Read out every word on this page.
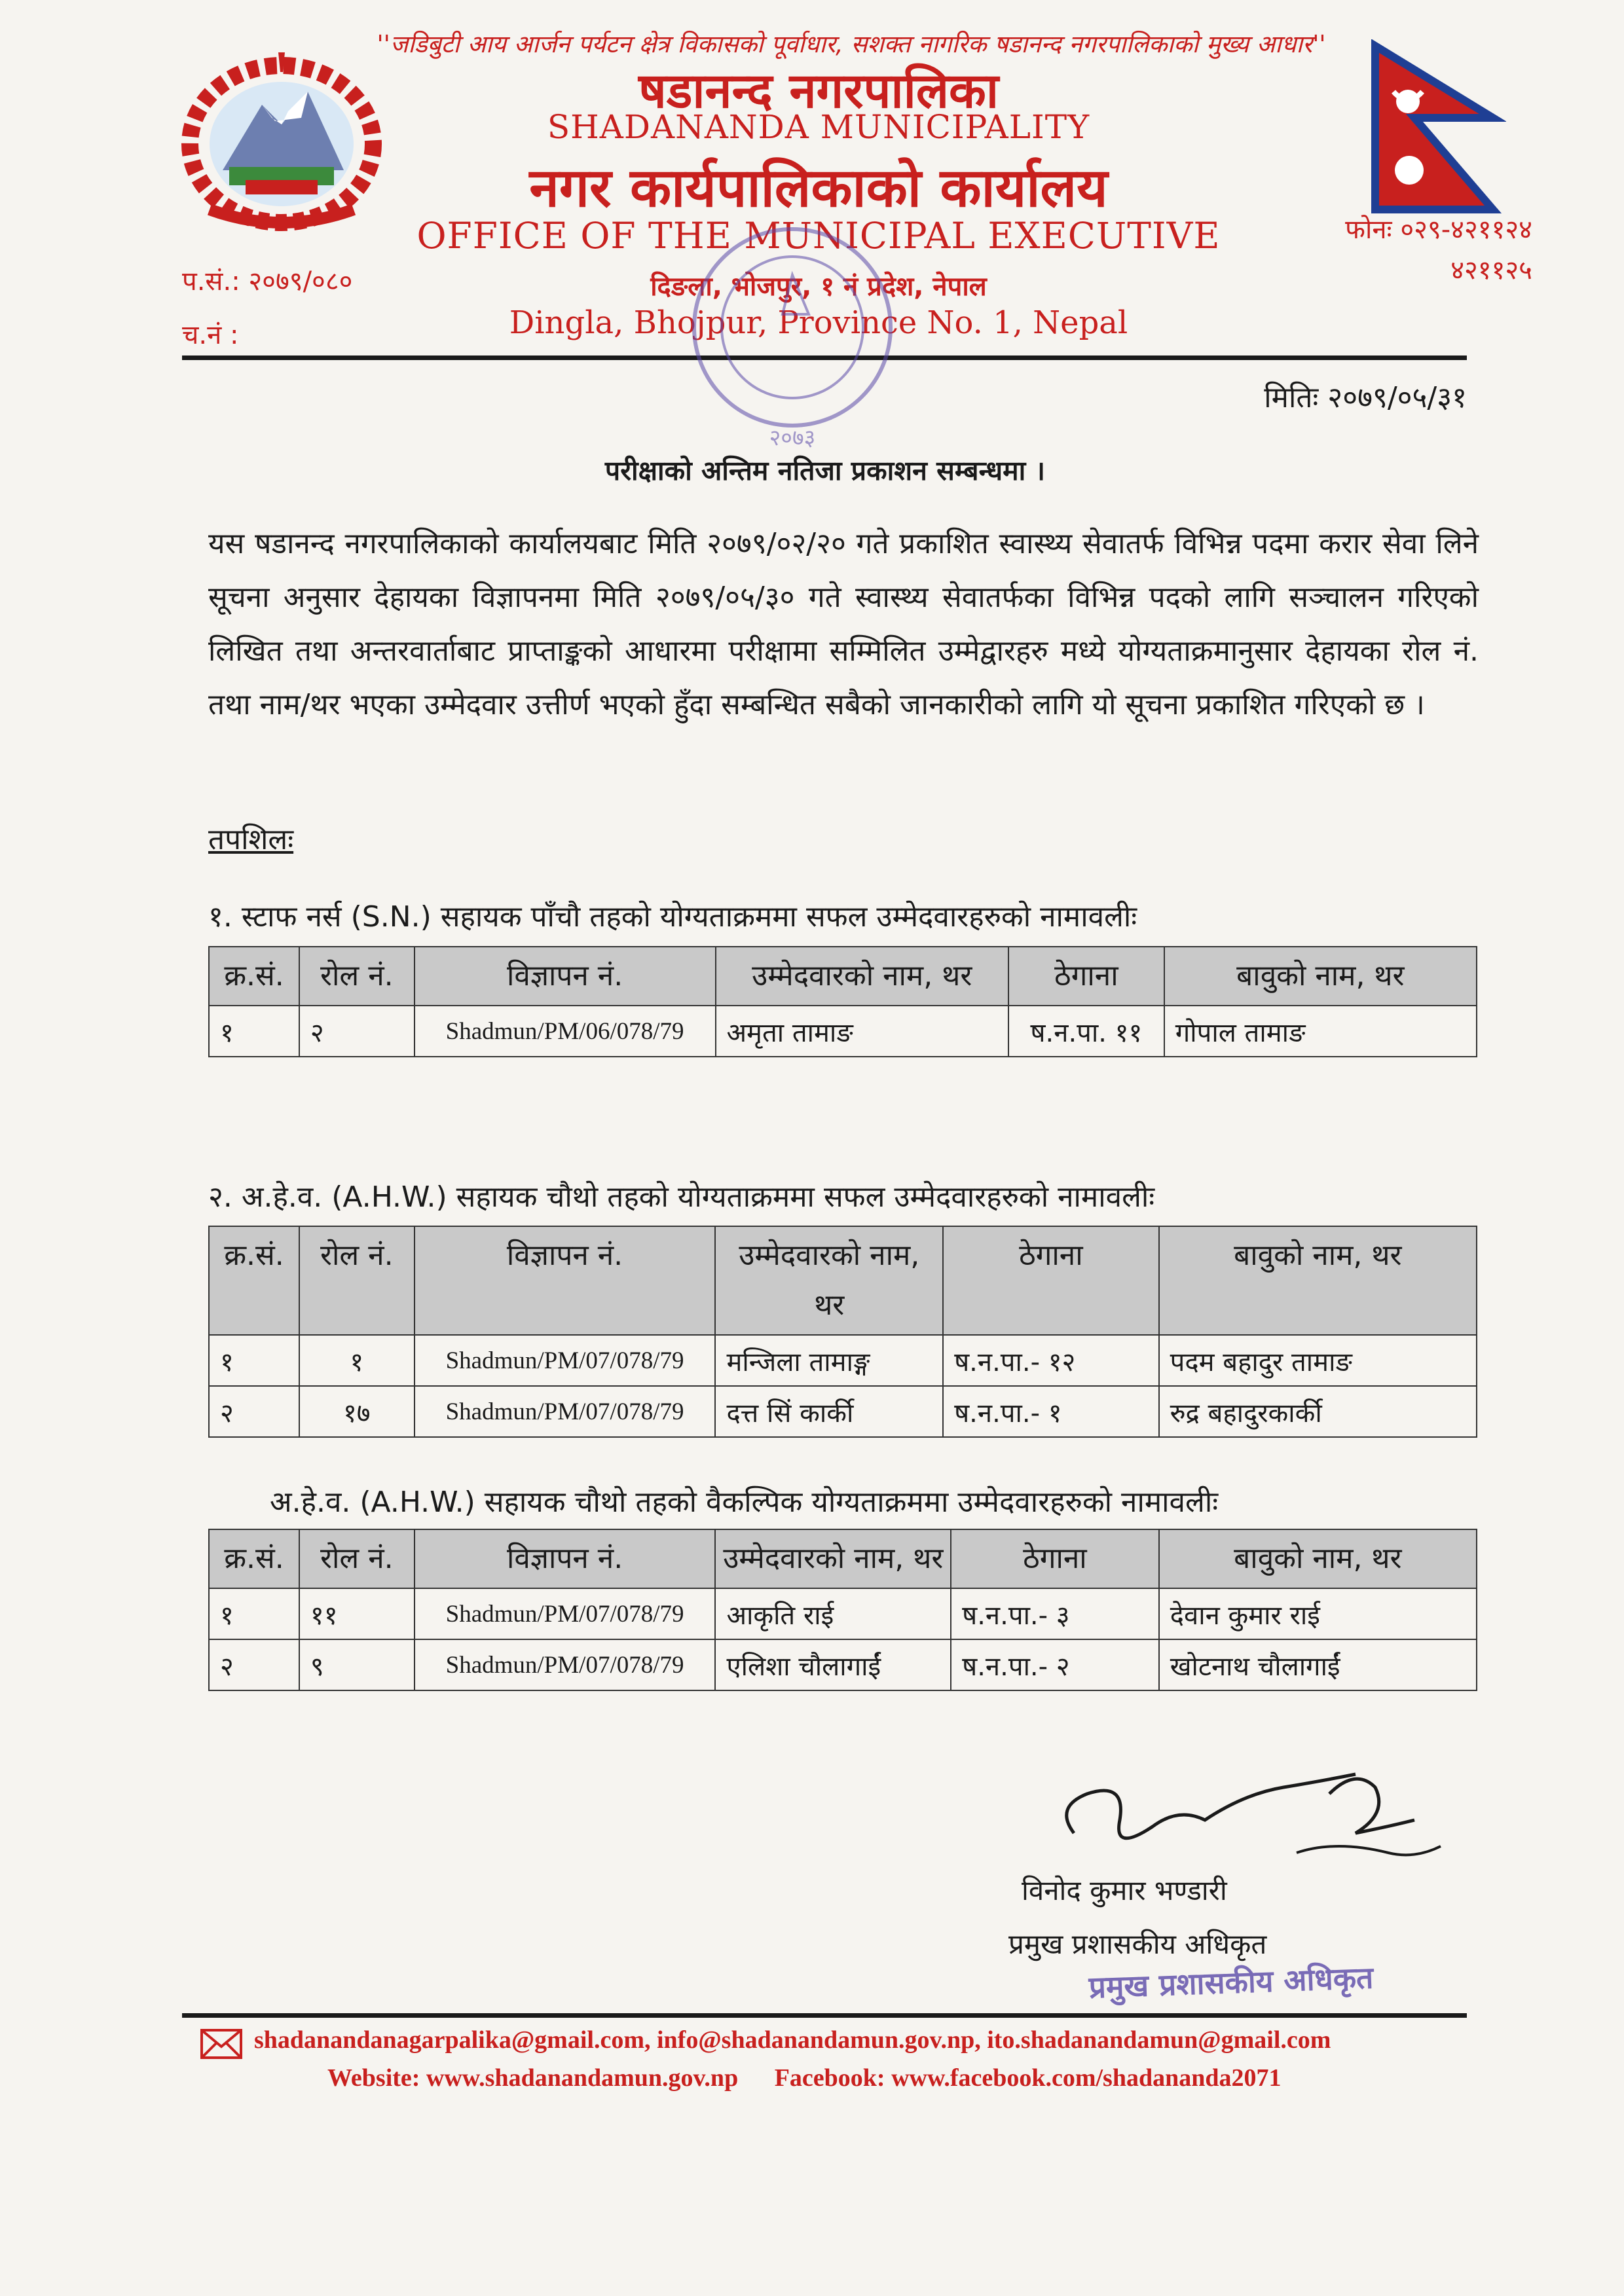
''जडिबुटी आय आर्जन पर्यटन क्षेत्र विकासको पूर्वाधार, सशक्त नागरिक षडानन्द नगरपालिकाको मुख्य आधार''
षडानन्द नगरपालिका
SHADANANDA MUNICIPALITY
नगर कार्यपालिकाको कार्यालय
OFFICE OF THE MUNICIPAL EXECUTIVE
दिङला, भोजपुर, १ नं प्रदेश, नेपाल
Dingla, Bhojpur, Province No. 1, Nepal
फोनः ०२९-४२११२४
४२११२५
प.सं.: २०७९/०८०
च.नं :
२०७३
मितिः २०७९/०५/३१
परीक्षाको अन्तिम नतिजा प्रकाशन सम्बन्धमा ।
यस षडानन्द नगरपालिकाको कार्यालयबाट मिति २०७९/०२/२० गते प्रकाशित स्वास्थ्य सेवातर्फ विभिन्न पदमा करार सेवा लिने सूचना अनुसार देहायका विज्ञापनमा मिति २०७९/०५/३० गते स्वास्थ्य सेवातर्फका विभिन्न पदको लागि सञ्चालन गरिएको लिखित तथा अन्तरवार्ताबाट प्राप्ताङ्कको आधारमा परीक्षामा सम्मिलित उम्मेद्वारहरु मध्ये योग्यताक्रमानुसार देहायका रोल नं. तथा नाम/थर भएका उम्मेदवार उत्तीर्ण भएको हुँदा सम्बन्धित सबैको जानकारीको लागि यो सूचना प्रकाशित गरिएको छ ।
तपशिलः
१. स्टाफ नर्स (S.N.) सहायक पाँचौ तहको योग्यताक्रममा सफल उम्मेदवारहरुको नामावलीः
क्र.सं.	रोल नं.	विज्ञापन नं.	उम्मेदवारको नाम, थर	ठेगाना	बावुको नाम, थर
१	२	Shadmun/PM/06/078/79	अमृता तामाङ	ष.न.पा. ११	गोपाल तामाङ
२. अ.हे.व. (A.H.W.) सहायक चौथो तहको योग्यताक्रममा सफल उम्मेदवारहरुको नामावलीः
क्र.सं.	रोल नं.	विज्ञापन नं.	उम्मेदवारको नाम, थर	ठेगाना	बावुको नाम, थर
१	१	Shadmun/PM/07/078/79	मन्जिला तामाङ्ग	ष.न.पा.- १२	पदम बहादुर तामाङ
२	१७	Shadmun/PM/07/078/79	दत्त सिं कार्की	ष.न.पा.- १	रुद्र बहादुरकार्की
अ.हे.व. (A.H.W.) सहायक चौथो तहको वैकल्पिक योग्यताक्रममा उम्मेदवारहरुको नामावलीः
क्र.सं.	रोल नं.	विज्ञापन नं.	उम्मेदवारको नाम, थर	ठेगाना	बावुको नाम, थर
१	११	Shadmun/PM/07/078/79	आकृति राई	ष.न.पा.- ३	देवान कुमार राई
२	९	Shadmun/PM/07/078/79	एलिशा चौलागाईं	ष.न.पा.- २	खोटनाथ चौलागाईं
विनोद कुमार भण्डारी
प्रमुख प्रशासकीय अधिकृत
प्रमुख प्रशासकीय अधिकृत
shadanandanagarpalika@gmail.com, info@shadanandamun.gov.np, ito.shadanandamun@gmail.com
Website: www.shadanandamun.gov.np Facebook: www.facebook.com/shadananda2071
